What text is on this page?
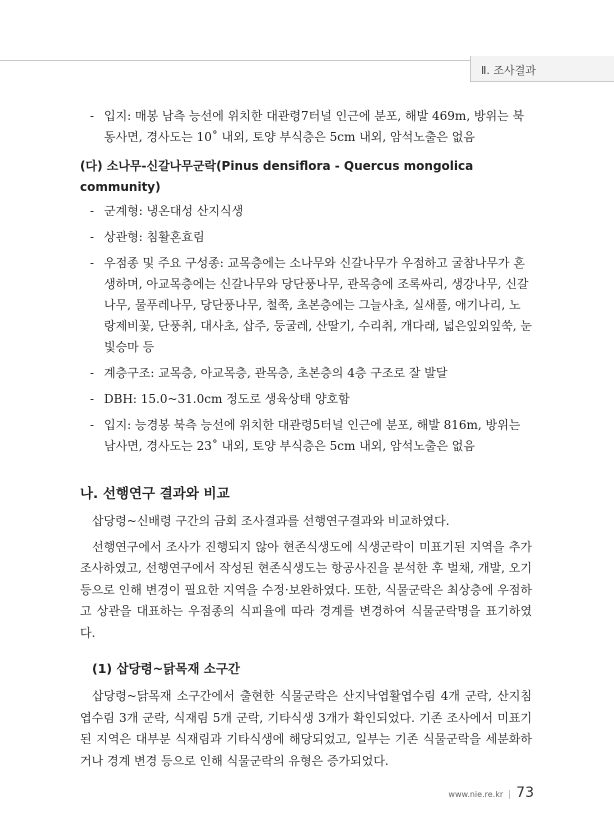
Ⅱ. 조사결과
- 입지: 매봉 남측 능선에 위치한 대관령7터널 인근에 분포, 해발 469m, 방위는 북동사면, 경사도는 10˚ 내외, 토양 부식층은 5cm 내외, 암석노출은 없음
(다) 소나무-신갈나무군락(Pinus densiflora - Quercus mongolica community)
- 군계형: 냉온대성 산지식생
- 상관형: 침활혼효림
- 우점종 및 주요 구성종: 교목층에는 소나무와 신갈나무가 우점하고 굴참나무가 혼생하며, 아교목층에는 신갈나무와 당단풍나무, 관목층에 조록싸리, 생강나무, 신갈나무, 물푸레나무, 당단풍나무, 철쭉, 초본층에는 그늘사초, 실새풀, 애기나리, 노랑제비꽃, 단풍취, 대사초, 삽주, 둥굴레, 산딸기, 수리취, 개다래, 넓은잎외잎쑥, 눈빛승마 등
- 계층구조: 교목층, 아교목층, 관목층, 초본층의 4층 구조로 잘 발달
- DBH: 15.0~31.0cm 정도로 생육상태 양호함
- 입지: 능경봉 북측 능선에 위치한 대관령5터널 인근에 분포, 해발 816m, 방위는 남사면, 경사도는 23˚ 내외, 토양 부식층은 5cm 내외, 암석노출은 없음
나. 선행연구 결과와 비교
삽당령~신배령 구간의 금회 조사결과를 선행연구결과와 비교하였다.
선행연구에서 조사가 진행되지 않아 현존식생도에 식생군락이 미표기된 지역을 추가 조사하였고, 선행연구에서 작성된 현존식생도는 항공사진을 분석한 후 벌채, 개발, 오기 등으로 인해 변경이 필요한 지역을 수정·보완하였다. 또한, 식물군락은 최상층에 우점하고 상관을 대표하는 우점종의 식피율에 따라 경계를 변경하여 식물군락명을 표기하였다.
(1) 삽당령~닭목재 소구간
삽당령~닭목재 소구간에서 출현한 식물군락은 산지낙엽활엽수림 4개 군락, 산지침엽수림 3개 군락, 식재림 5개 군락, 기타식생 3개가 확인되었다. 기존 조사에서 미표기된 지역은 대부분 식재림과 기타식생에 해당되었고, 일부는 기존 식물군락을 세분화하거나 경계 변경 등으로 인해 식물군락의 유형은 증가되었다.
www.nie.re.kr | 73
